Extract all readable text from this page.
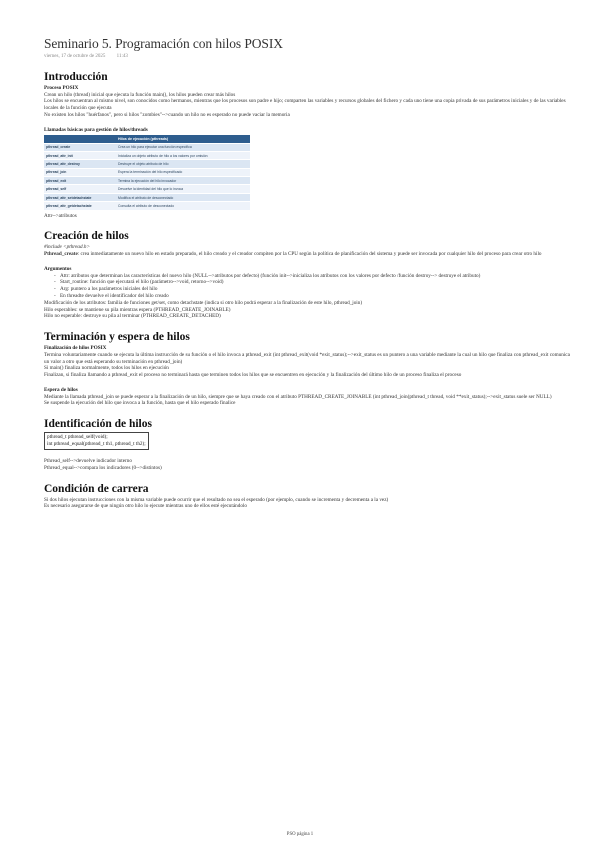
Seminario 5. Programación con hilos POSIX
viernes, 17 de octubre de 2025 11:43
Introducción

Proceso POSIX

Crean un hilo (thread) inicial que ejecuta la función main(), los hilos pueden crear más hilos

Los hilos se encuentran al mismo nivel, son conocidos como hermanos, mientras que los procesos son padre e hijo; comparten las variables y recursos globales del fichero y cada uno tiene una copia privada de sus parámetros iniciales y de las variables locales de la función que ejecuta

No existen los hilos "huérfanos", pero si hilos "zombies"-->cuando un hilo no es esperado no puede vaciar la memoria

Llamadas básicas para gestión de hilos/threads

	Hilos de ejecución (pthreads)
pthread_create	Crea un hilo para ejecutar una función específica
pthread_attr_init	Inicializa un objeto atributo de hilo a los valores por omisión
pthread_attr_destroy	Destruye el objeto atributo de hilo
pthread_join	Espera la terminación del hilo especificado
pthread_exit	Termina la ejecución del hilo invocador
pthread_self	Devuelve la identidad del hilo que lo invoca
pthread_attr_setdetachstate	Modifica el atributo de desconectado
pthread_attr_getdetachstate	Consulta el atributo de desconectado

Attr-->atributos

Creación de hilos

#include <pthread.h>

Pthread_create: crea inmediatamente un nuevo hilo en estado preparado, el hilo creado y el creador compiten por la CPU según la política de planificación del sistema y puede ser invocada por cualquier hilo del proceso para crear otro hilo

Argumentos

- Attr: atributos que determinan las características del nuevo hilo (NULL-->atributos por defecto) (función init-->inicializa los atributos con los valores por defecto /función destroy--> destruye el atributo)
- Start_routine: función que ejecutará el hilo (parámetro-->void, retorno-->void)
- Arg: puntero a los parámetros iniciales del hilo
- En threadte devuelve el identificador del hilo creado

Modificación de los atributos: familia de funciones get/set, como detachstate (indica si otro hilo podrá esperar a la finalización de este hilo, pthread_join)

Hilo esperables: se mantiene su pila mientras espera (PTHREAD_CREATE_JOINABLE)

Hilo no esperable: destruye su pila al terminar (PTHREAD_CREATE_DETACHED)

Terminación y espera de hilos

Finalización de hilos POSIX

Termina voluntariamente cuando se ejecuta la última instrucción de su función o el hilo invoca a pthread_exit (int pthread_exit(void *exit_status);-->exit_status es un puntero a una variable mediante la cual un hilo que finaliza con pthread_exit comunica un valor a otro que está esperando su terminación en pthread_join)

Si main() finaliza normalmente, todos los hilos en ejecución

Finalizan, si finaliza llamando a pthread_exit el proceso no terminará hasta que terminen todos los hilos que se encuentren en ejecución y la finalización del último hilo de un proceso finaliza el proceso

Espera de hilos

Mediante la llamada pthread_join se puede esperar a la finalización de un hilo, siempre que se haya creado con el atributo PTHREAD_CREATE_JOINABLE (int pthread_join(pthread_t thread, void **exit_status);-->exit_status suele ser NULL)

Se suspende la ejecución del hilo que invoca a la función, hasta que el hilo esperado finalice

Identificación de hilos
pthread_t pthread_self(void);
int pthread_equal(pthread_t th1, pthread_t th2);

Pthread_self-->devuelve indicador interno

Pthread_equal-->compara los indicadores (0-->distintos)

Condición de carrera

Si dos hilos ejecutan instrucciones con la misma variable puede ocurrir que el resultado no sea el esperado (por ejemplo, cuando se incrementa y decrementa a la vez)

Es necesario asegurarse de que ningún otro hilo lo ejecute mientras uno de ellos esté ejecutándolo

PSO página 1
